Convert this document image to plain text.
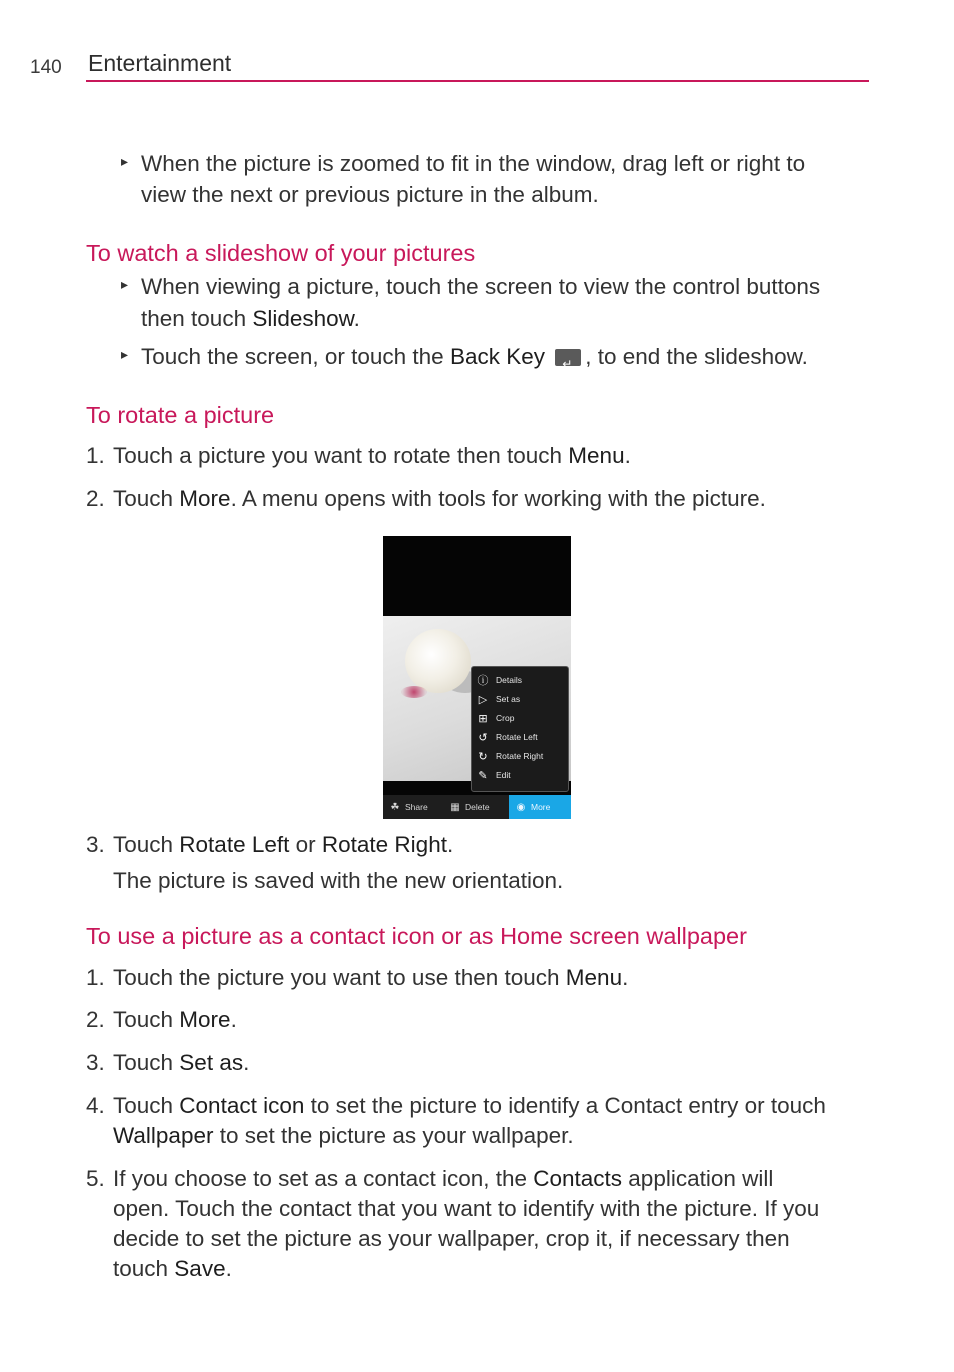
140 Entertainment
▸ When the picture is zoomed to fit in the window, drag left or right to
view the next or previous picture in the album.
To watch a slideshow of your pictures
▸ When viewing a picture, touch the screen to view the control buttons
then touch Slideshow.
▸ Touch the screen, or touch the Back Key ↵ , to end the slideshow.
To rotate a picture
1. Touch a picture you want to rotate then touch Menu.
2. Touch More. A menu opens with tools for working with the picture.
ⓘ Details
▷ Set as
⊞ Crop
↺ Rotate Left
↻ Rotate Right
✎ Edit
☘ Share	▦ Delete	◉ More
3. Touch Rotate Left or Rotate Right.
The picture is saved with the new orientation.
To use a picture as a contact icon or as Home screen wallpaper
1. Touch the picture you want to use then touch Menu.
2. Touch More.
3. Touch Set as.
4. Touch Contact icon to set the picture to identify a Contact entry or touch
Wallpaper to set the picture as your wallpaper.
5. If you choose to set as a contact icon, the Contacts application will
open. Touch the contact that you want to identify with the picture. If you
decide to set the picture as your wallpaper, crop it, if necessary then
touch Save.
